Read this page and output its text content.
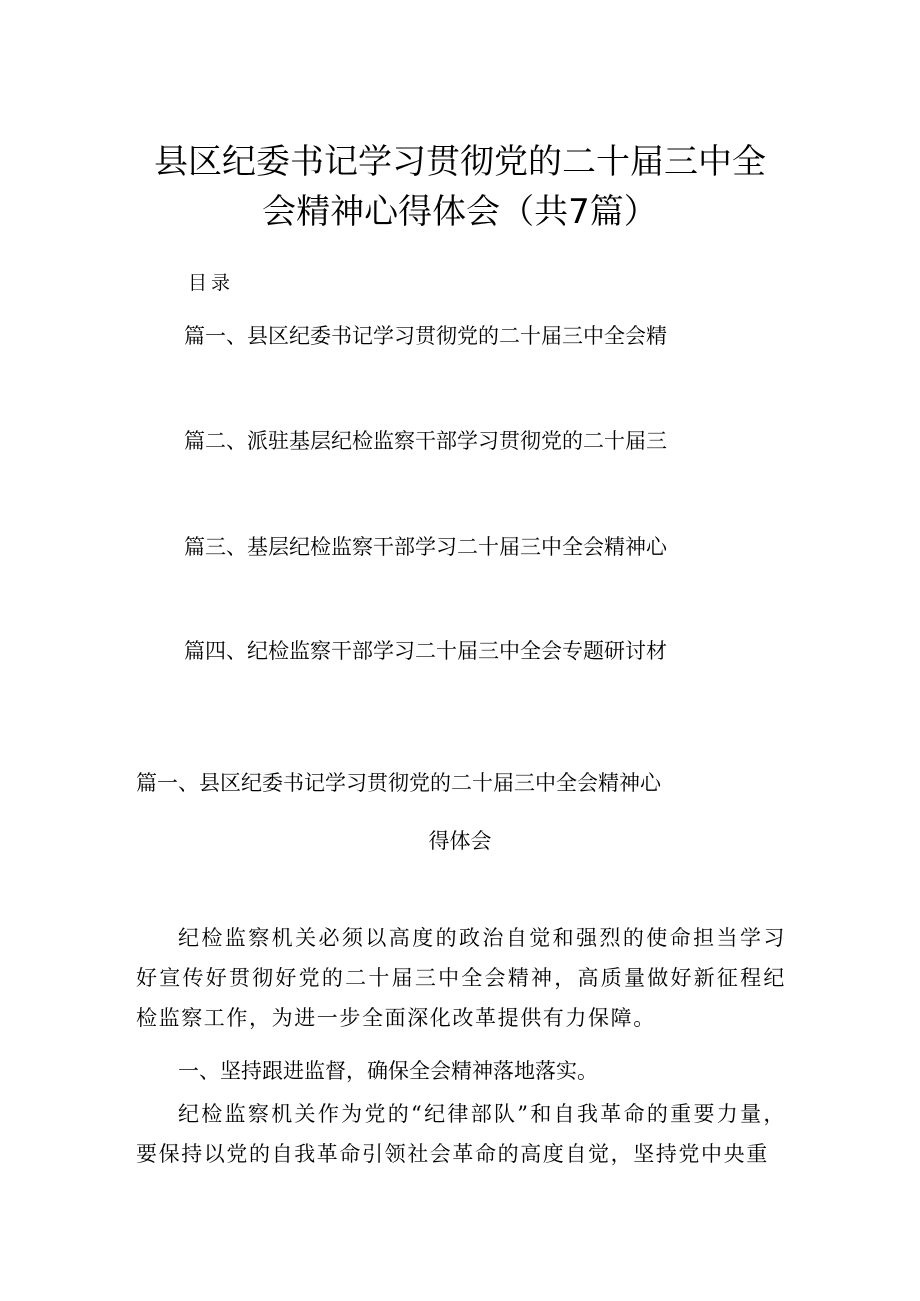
县区纪委书记学习贯彻党的二十届三中全
会精神心得体会（共7篇）
目录
篇一、县区纪委书记学习贯彻党的二十届三中全会精
篇二、派驻基层纪检监察干部学习贯彻党的二十届三
篇三、基层纪检监察干部学习二十届三中全会精神心
篇四、纪检监察干部学习二十届三中全会专题研讨材
篇一、县区纪委书记学习贯彻党的二十届三中全会精神心
得体会
纪检监察机关必须以高度的政治自觉和强烈的使命担当学习好宣传好贯彻好党的二十届三中全会精神，高质量做好新征程纪检监察工作，为进一步全面深化改革提供有力保障。
一、坚持跟进监督，确保全会精神落地落实。
纪检监察机关作为党的“纪律部队”和自我革命的重要力量，要保持以党的自我革命引领社会革命的高度自觉，坚持党中央重
